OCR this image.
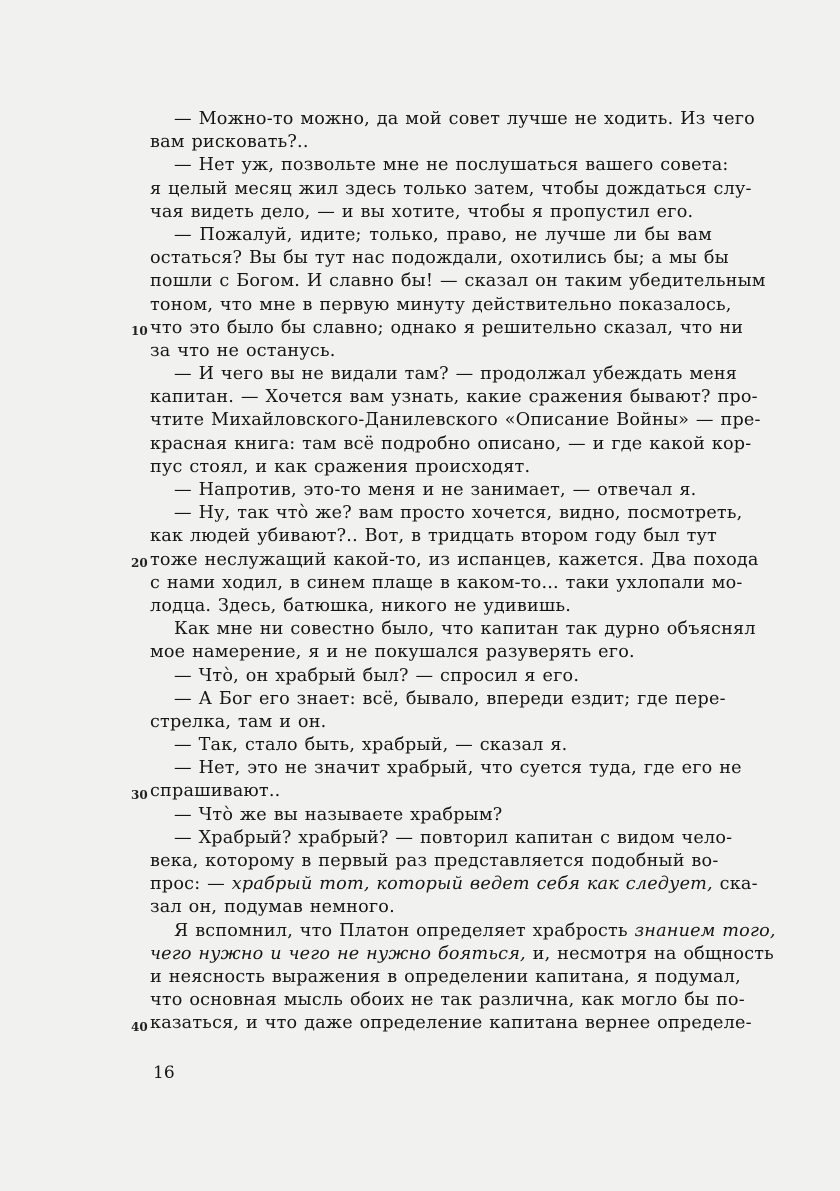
— Можно-то можно, да мой совет лучше не ходить. Из чего
вам рисковать?..
— Нет уж, позвольте мне не послушаться вашего совета:
я целый месяц жил здесь только затем, чтобы дождаться слу-
чая видеть дело, — и вы хотите, чтобы я пропустил его.
— Пожалуй, идите; только, право, не лучше ли бы вам
остаться? Вы бы тут нас подождали, охотились бы; а мы бы
пошли с Богом. И славно бы! — сказал он таким убедительным
тоном, что мне в первую минуту действительно показалось,
что это было бы славно; однако я решительно сказал, что ни
за что не останусь.
— И чего вы не видали там? — продолжал убеждать меня
капитан. — Хочется вам узнать, какие сражения бывают? про-
чтите Михайловского-Данилевского «Описание Войны» — пре-
красная книга: там всё подробно описано, — и где какой кор-
пус стоял, и как сражения происходят.
— Напротив, это-то меня и не занимает, — отвечал я.
— Ну, так что̀ же? вам просто хочется, видно, посмотреть,
как людей убивают?.. Вот, в тридцать втором году был тут
тоже неслужащий какой-то, из испанцев, кажется. Два похода
с нами ходил, в синем плаще в каком-то... таки ухлопали мо-
лодца. Здесь, батюшка, никого не удивишь.
Как мне ни совестно было, что капитан так дурно объяснял
мое намерение, я и не покушался разуверять его.
— Что̀, он храбрый был? — спросил я его.
— А Бог его знает: всё, бывало, впереди ездит; где пере-
стрелка, там и он.
— Так, стало быть, храбрый, — сказал я.
— Нет, это не значит храбрый, что суется туда, где его не
спрашивают..
— Что̀ же вы называете храбрым?
— Храбрый? храбрый? — повторил капитан с видом чело-
века, которому в первый раз представляется подобный во-
прос: — храбрый тот, который ведет себя как следует, ска-
зал он, подумав немного.
Я вспомнил, что Платон определяет храбрость знанием того,
чего нужно и чего не нужно бояться, и, несмотря на общность
и неясность выражения в определении капитана, я подумал,
что основная мысль обоих не так различна, как могло бы по-
казаться, и что даже определение капитана вернее определе-
10
20
30
40
16
